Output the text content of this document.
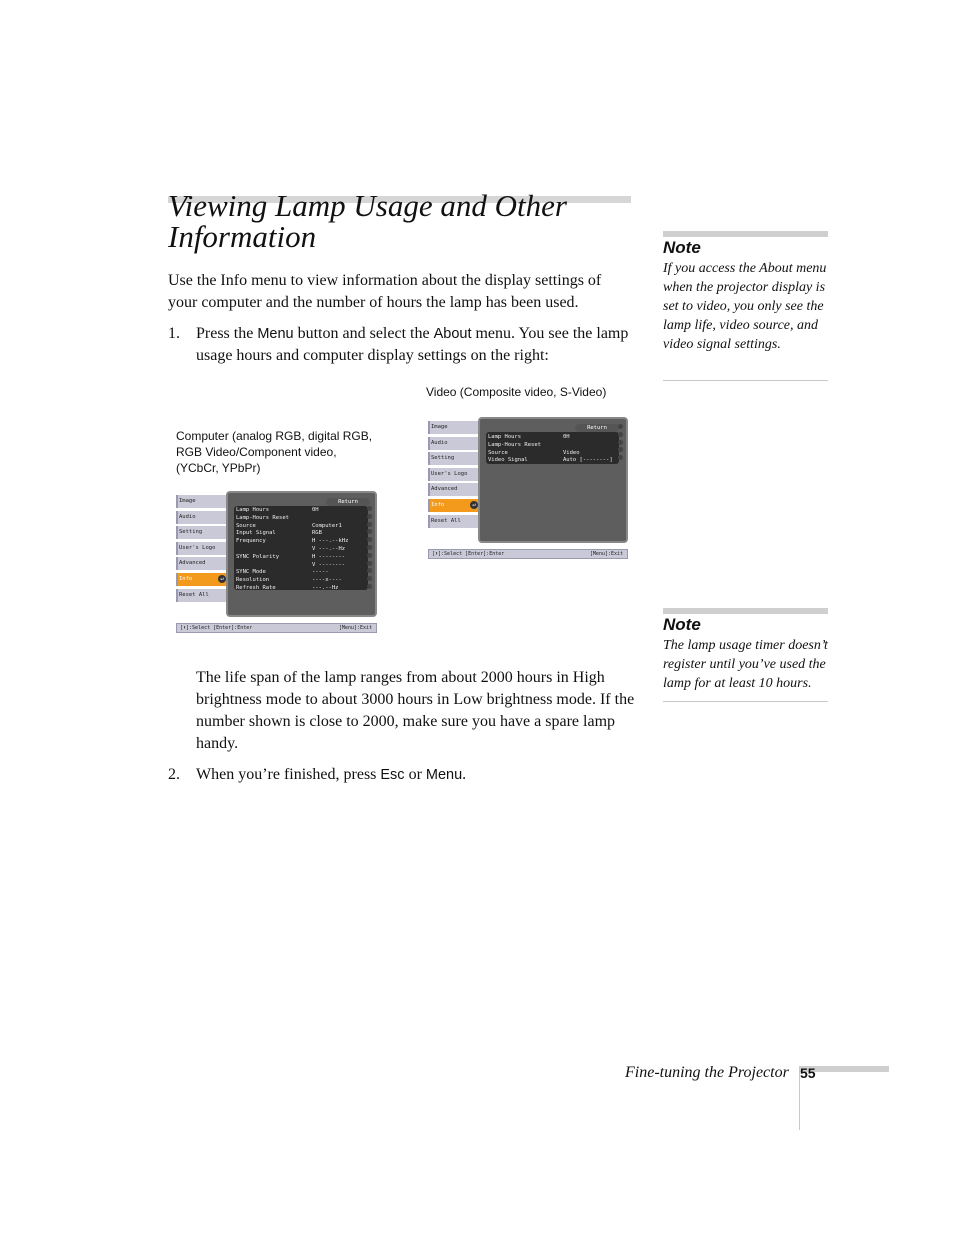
Viewing Lamp Usage and Other Information

Use the Info menu to view information about the display settings of your computer and the number of hours the lamp has been used.

1. Press the Menu button and select the About menu. You see the lamp usage hours and computer display settings on the right:

Video (Composite video, S-Video)

Computer (analog RGB, digital RGB, RGB Video/Component video, (YCbCr, YPbPr)

Image
Audio
Setting
User's Logo
Advanced
Info	↵
Reset All
Return
Lamp Hours	0H
Lamp-Hours Reset
Source	Computer1
Input Signal	RGB
Frequency	H ---.--kHz
V ---.--Hz
SYNC Polarity	H --------
V --------
SYNC Mode	-----
Resolution	----x----
Refresh Rate	---.--Hz
[⬍]:Select [Enter]:Enter	[Menu]:Exit
Image
Audio
Setting
User's Logo
Advanced
Info	↵
Reset All
Return
Lamp Hours	0H
Lamp-Hours Reset
Source	Video
Video Signal	Auto [--------]
[⬍]:Select [Enter]:Enter	[Menu]:Exit

The life span of the lamp ranges from about 2000 hours in High brightness mode to about 3000 hours in Low brightness mode. If the number shown is close to 2000, make sure you have a spare lamp handy.

2. When you’re finished, press Esc or Menu.

Note

If you access the About menu when the projector display is set to video, you only see the lamp life, video source, and video signal settings.

Note

The lamp usage timer doesn’t register until you’ve used the lamp for at least 10 hours.

Fine-tuning the Projector 55
